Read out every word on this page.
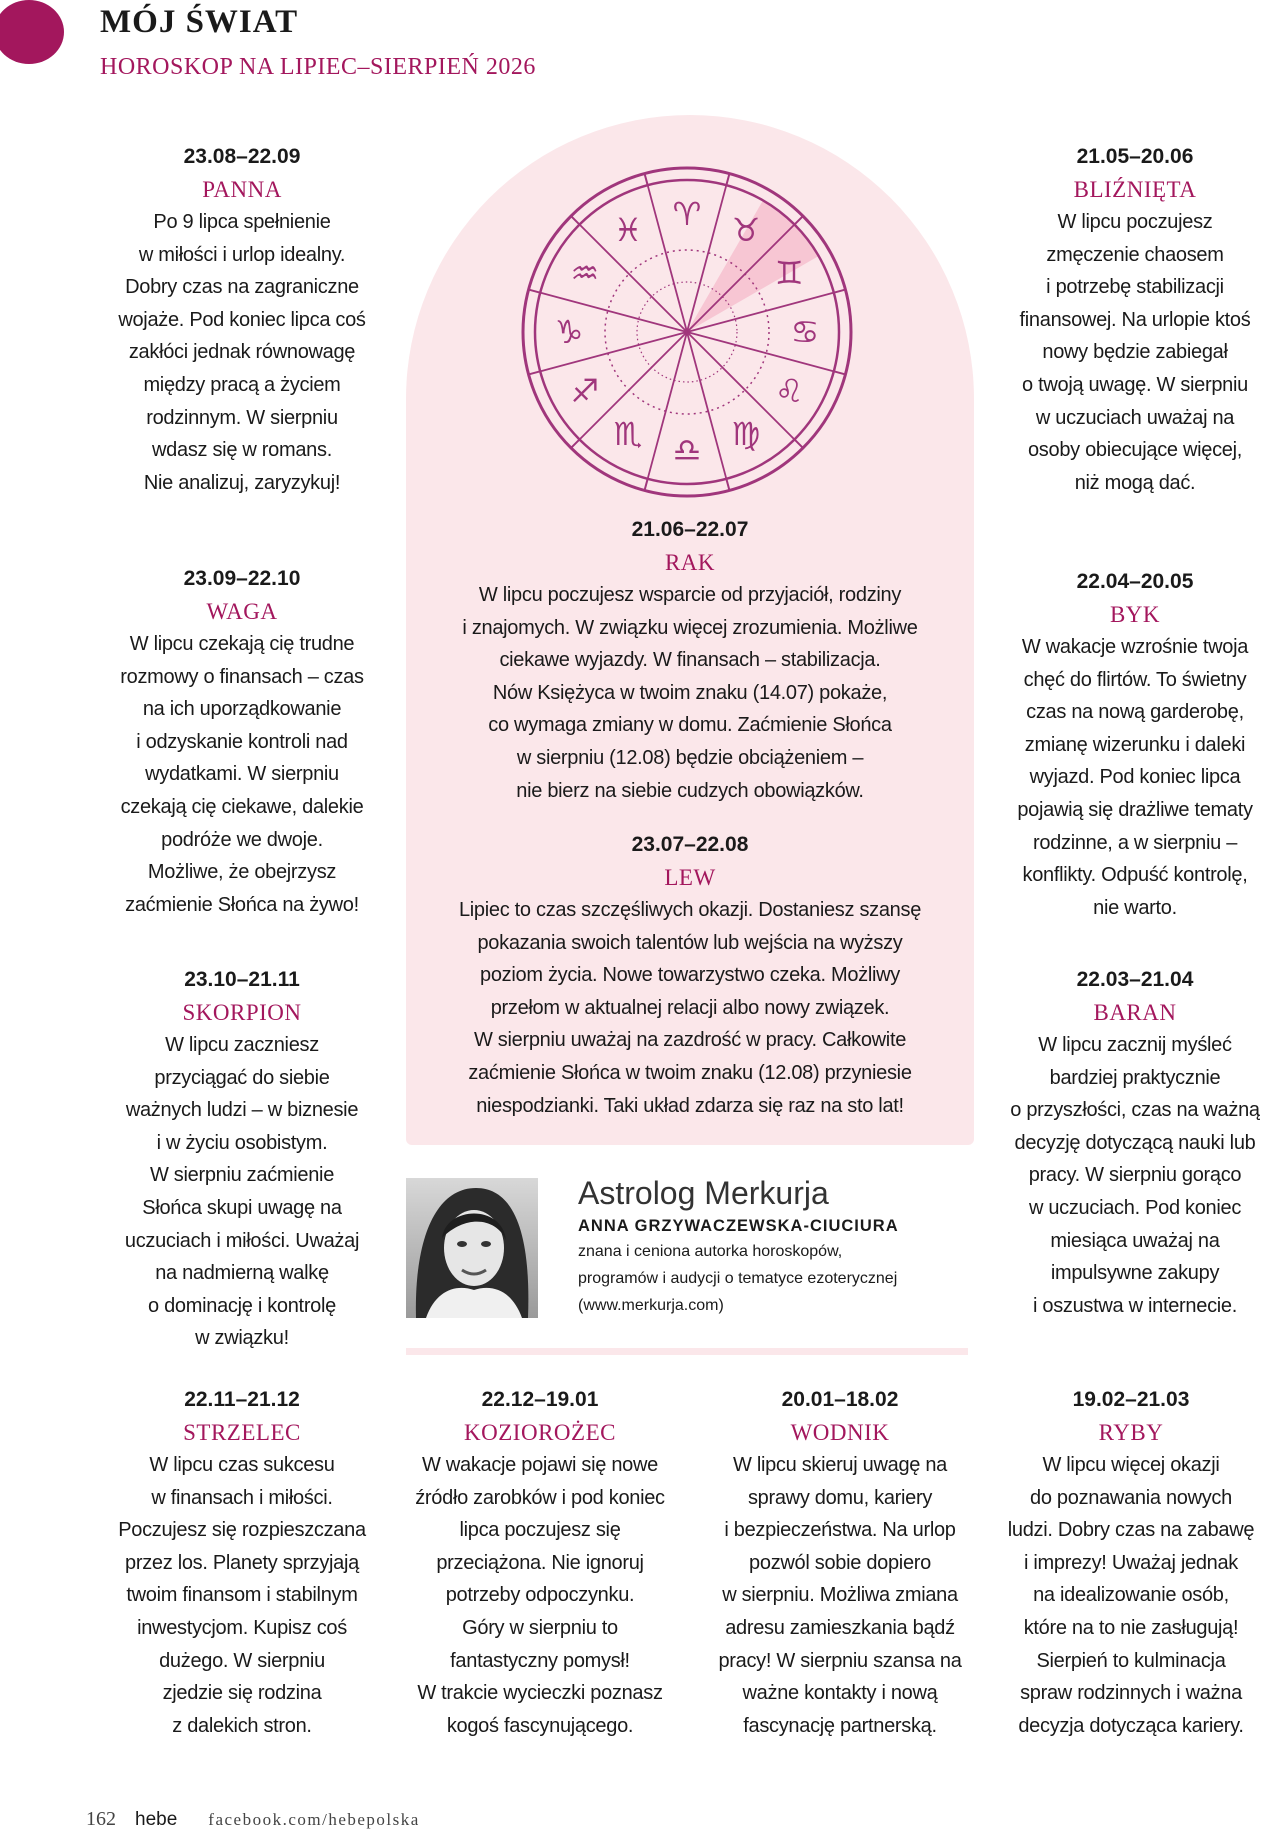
MÓJ ŚWIAT
HOROSKOP NA LIPIEC–SIERPIEŃ 2026
♈ ♉
♊
♋
♌
♍
♎
♏
♐
♑
♒
♓
23.08–22.09
PANNA
Po 9 lipca spełnienie
w miłości i urlop idealny.
Dobry czas na zagraniczne
wojaże. Pod koniec lipca coś
zakłóci jednak równowagę
między pracą a życiem
rodzinnym. W sierpniu
wdasz się w romans.
Nie analizuj, zaryzykuj!
23.09–22.10
WAGA
W lipcu czekają cię trudne
rozmowy o finansach – czas
na ich uporządkowanie
i odzyskanie kontroli nad
wydatkami. W sierpniu
czekają cię ciekawe, dalekie
podróże we dwoje.
Możliwe, że obejrzysz
zaćmienie Słońca na żywo!
23.10–21.11
SKORPION
W lipcu zaczniesz
przyciągać do siebie
ważnych ludzi – w biznesie
i w życiu osobistym.
W sierpniu zaćmienie
Słońca skupi uwagę na
uczuciach i miłości. Uważaj
na nadmierną walkę
o dominację i kontrolę
w związku!
21.05–20.06
BLIŹNIĘTA
W lipcu poczujesz
zmęczenie chaosem
i potrzebę stabilizacji
finansowej. Na urlopie ktoś
nowy będzie zabiegał
o twoją uwagę. W sierpniu
w uczuciach uważaj na
osoby obiecujące więcej,
niż mogą dać.
22.04–20.05
BYK
W wakacje wzrośnie twoja
chęć do flirtów. To świetny
czas na nową garderobę,
zmianę wizerunku i daleki
wyjazd. Pod koniec lipca
pojawią się drażliwe tematy
rodzinne, a w sierpniu –
konflikty. Odpuść kontrolę,
nie warto.
22.03–21.04
BARAN
W lipcu zacznij myśleć
bardziej praktycznie
o przyszłości, czas na ważną
decyzję dotyczącą nauki lub
pracy. W sierpniu gorąco
w uczuciach. Pod koniec
miesiąca uważaj na
impulsywne zakupy
i oszustwa w internecie.
21.06–22.07
RAK
W lipcu poczujesz wsparcie od przyjaciół, rodziny
i znajomych. W związku więcej zrozumienia. Możliwe
ciekawe wyjazdy. W finansach – stabilizacja.
Nów Księżyca w twoim znaku (14.07) pokaże,
co wymaga zmiany w domu. Zaćmienie Słońca
w sierpniu (12.08) będzie obciążeniem –
nie bierz na siebie cudzych obowiązków.
23.07–22.08
LEW
Lipiec to czas szczęśliwych okazji. Dostaniesz szansę
pokazania swoich talentów lub wejścia na wyższy
poziom życia. Nowe towarzystwo czeka. Możliwy
przełom w aktualnej relacji albo nowy związek.
W sierpniu uważaj na zazdrość w pracy. Całkowite
zaćmienie Słońca w twoim znaku (12.08) przyniesie
niespodzianki. Taki układ zdarza się raz na sto lat!
Astrolog Merkurja
ANNA GRZYWACZEWSKA-CIUCIURA
znana i ceniona autorka horoskopów,
programów i audycji o tematyce ezoterycznej
(www.merkurja.com)
22.11–21.12
STRZELEC
W lipcu czas sukcesu
w finansach i miłości.
Poczujesz się rozpieszczana
przez los. Planety sprzyjają
twoim finansom i stabilnym
inwestycjom. Kupisz coś
dużego. W sierpniu
zjedzie się rodzina
z dalekich stron.
22.12–19.01
KOZIOROŻEC
W wakacje pojawi się nowe
źródło zarobków i pod koniec
lipca poczujesz się
przeciążona. Nie ignoruj
potrzeby odpoczynku.
Góry w sierpniu to
fantastyczny pomysł!
W trakcie wycieczki poznasz
kogoś fascynującego.
20.01–18.02
WODNIK
W lipcu skieruj uwagę na
sprawy domu, kariery
i bezpieczeństwa. Na urlop
pozwól sobie dopiero
w sierpniu. Możliwa zmiana
adresu zamieszkania bądź
pracy! W sierpniu szansa na
ważne kontakty i nową
fascynację partnerską.
19.02–21.03
RYBY
W lipcu więcej okazji
do poznawania nowych
ludzi. Dobry czas na zabawę
i imprezy! Uważaj jednak
na idealizowanie osób,
które na to nie zasługują!
Sierpień to kulminacja
spraw rodzinnych i ważna
decyzja dotycząca kariery.
162 hebe facebook.com/hebepolska
